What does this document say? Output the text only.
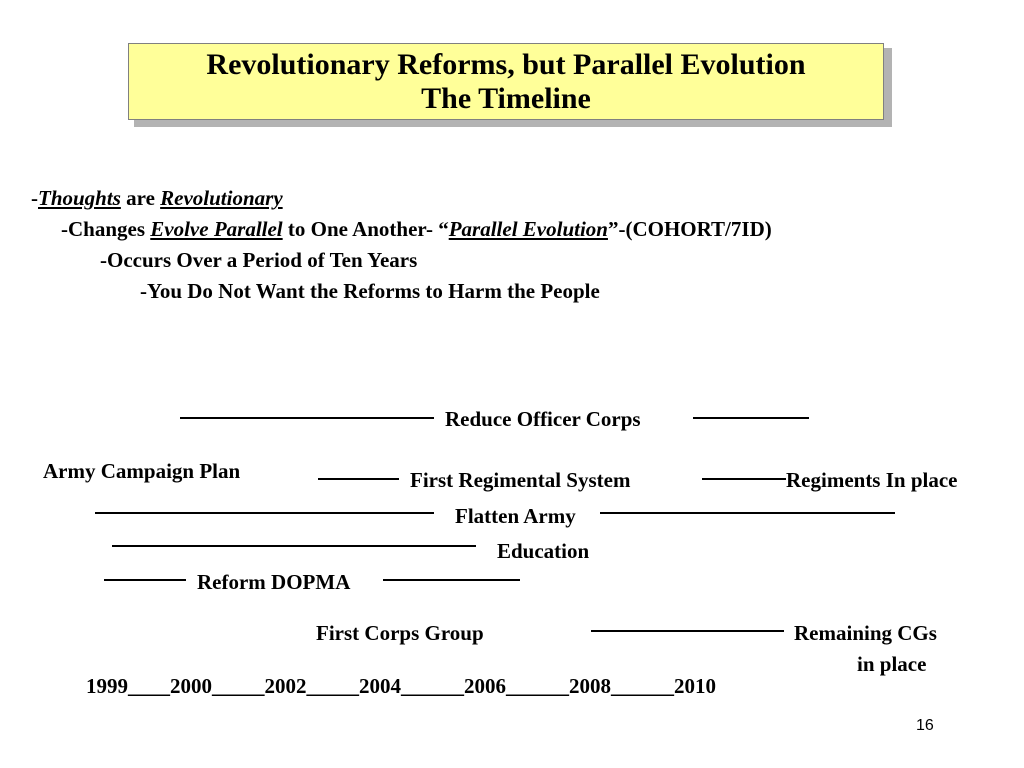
Revolutionary Reforms, but Parallel Evolution
The Timeline
-Thoughts are Revolutionary
-Changes Evolve Parallel to One Another- “Parallel Evolution”-(COHORT/7ID)
-Occurs Over a Period of Ten Years
-You Do Not Want the Reforms to Harm the People
Reduce Officer Corps
Army Campaign Plan	First Regimental System	Regiments In place
Flatten Army
Education
Reform DOPMA
First Corps Group	Remaining CGs
in place
1999____2000_____2002_____2004______2006______2008______2010
16
